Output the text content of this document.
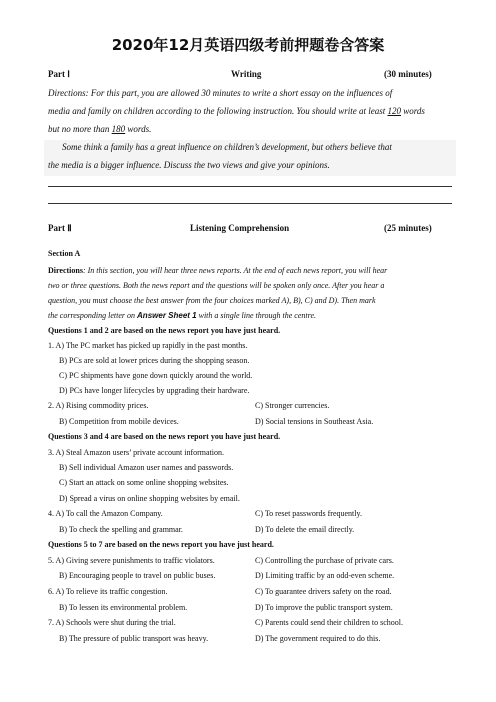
2020年12月英语四级考前押题卷含答案
Part Ⅰ	Writing	(30 minutes)
Directions: For this part, you are allowed 30 minutes to write a short essay on the influences of
media and family on children according to the following instruction. You should write at least 120 words
but no more than 180 words.
Some think a family has a great influence on children’s development, but others believe that
the media is a bigger influence. Discuss the two views and give your opinions.
Part Ⅱ	Listening Comprehension	(25 minutes)
Section A
Directions: In this section, you will hear three news reports. At the end of each news report, you will hear
two or three questions. Both the news report and the questions will be spoken only once. After you hear a
question, you must choose the best answer from the four choices marked A), B), C) and D). Then mark
the corresponding letter on Answer Sheet 1 with a single line through the centre.
Questions 1 and 2 are based on the news report you have just heard.
1. A) The PC market has picked up rapidly in the past months.
B) PCs are sold at lower prices during the shopping season.
C) PC shipments have gone down quickly around the world.
D) PCs have longer lifecycles by upgrading their hardware.
2. A) Rising commodity prices.	C) Stronger currencies.
B) Competition from mobile devices.	D) Social tensions in Southeast Asia.
Questions 3 and 4 are based on the news report you have just heard.
3. A) Steal Amazon users’ private account information.
B) Sell individual Amazon user names and passwords.
C) Start an attack on some online shopping websites.
D) Spread a virus on online shopping websites by email.
4. A) To call the Amazon Company.	C) To reset passwords frequently.
B) To check the spelling and grammar.	D) To delete the email directly.
Questions 5 to 7 are based on the news report you have just heard.
5. A) Giving severe punishments to traffic violators.	C) Controlling the purchase of private cars.
B) Encouraging people to travel on public buses.	D) Limiting traffic by an odd-even scheme.
6. A) To relieve its traffic congestion.	C) To guarantee drivers safety on the road.
B) To lessen its environmental problem.	D) To improve the public transport system.
7. A) Schools were shut during the trial.	C) Parents could send their children to school.
B) The pressure of public transport was heavy.	D) The government required to do this.
